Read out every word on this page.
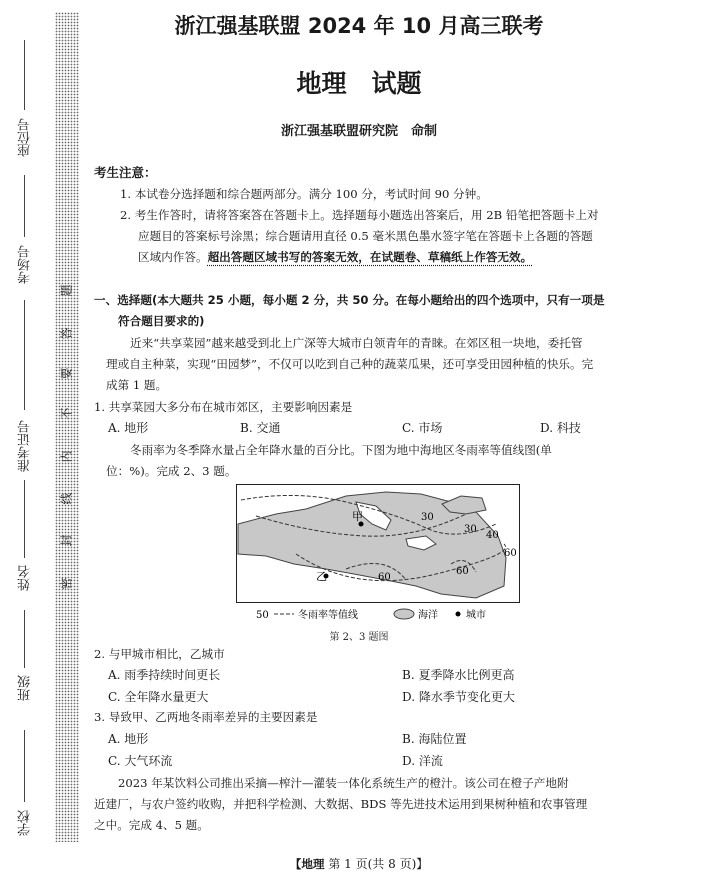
座位号
考场号
准考证号
姓名
班级
学校
题
答
要
不
内
线
封
密
浙江强基联盟 2024 年 10 月高三联考
地理　试题
浙江强基联盟研究院　命制
考生注意：
1. 本试卷分选择题和综合题两部分。满分 100 分，考试时间 90 分钟。
2. 考生作答时，请将答案答在答题卡上。选择题每小题选出答案后，用 2B 铅笔把答题卡上对
应题目的答案标号涂黑；综合题请用直径 0.5 毫米黑色墨水签字笔在答题卡上各题的答题
区域内作答。超出答题区域书写的答案无效，在试题卷、草稿纸上作答无效。
一、选择题(本大题共 25 小题，每小题 2 分，共 50 分。在每小题给出的四个选项中，只有一项是
符合题目要求的)
近来“共享菜园”越来越受到北上广深等大城市白领青年的青睐。在郊区租一块地，委托管
理或自主种菜，实现“田园梦”，不仅可以吃到自己种的蔬菜瓜果，还可享受田园种植的快乐。完
成第 1 题。
1. 共享菜园大多分布在城市郊区，主要影响因素是
A. 地形	B. 交通	C. 市场	D. 科技
冬雨率为冬季降水量占全年降水量的百分比。下图为地中海地区冬雨率等值线图(单
位：%)。完成 2、3 题。
甲
乙
30
30
40
60
60
60
50	冬雨率等值线	海洋	城市
第 2、3 题图
2. 与甲城市相比，乙城市
A. 雨季持续时间更长	B. 夏季降水比例更高
C. 全年降水量更大	D. 降水季节变化更大
3. 导致甲、乙两地冬雨率差异的主要因素是
A. 地形	B. 海陆位置
C. 大气环流	D. 洋流
2023 年某饮料公司推出采摘—榨汁—灌装一体化系统生产的橙汁。该公司在橙子产地附
近建厂，与农户签约收购，并把科学检测、大数据、BDS 等先进技术运用到果树种植和农事管理
之中。完成 4、5 题。
【地理 第 1 页(共 8 页)】
